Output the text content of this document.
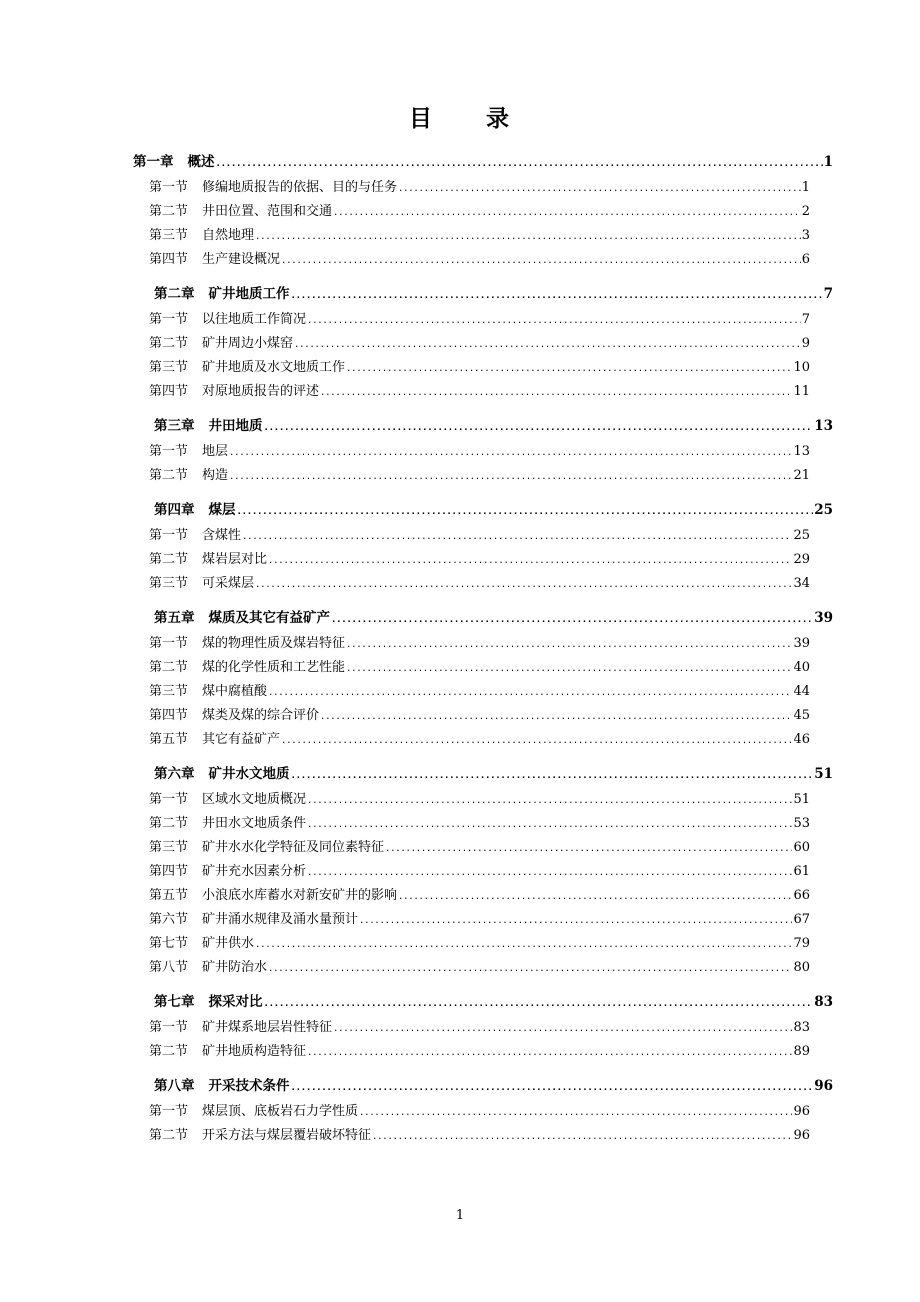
目 录
第一章 概述 .....	1
第一节 修编地质报告的依据、目的与任务 .....	1
第二节 井田位置、范围和交通 .....	2
第三节 自然地理 .....	3
第四节 生产建设概况 .....	6
第二章 矿井地质工作 .....	7
第一节 以往地质工作简况 .....	7
第二节 矿井周边小煤窑 .....	9
第三节 矿井地质及水文地质工作 .....	10
第四节 对原地质报告的评述 .....	11
第三章 井田地质 .....	13
第一节 地层 .....	13
第二节 构造 .....	21
第四章 煤层 .....	25
第一节 含煤性 .....	25
第二节 煤岩层对比 .....	29
第三节 可采煤层 .....	34
第五章 煤质及其它有益矿产 .....	39
第一节 煤的物理性质及煤岩特征 .....	39
第二节 煤的化学性质和工艺性能 .....	40
第三节 煤中腐植酸 .....	44
第四节 煤类及煤的综合评价 .....	45
第五节 其它有益矿产 .....	46
第六章 矿井水文地质 .....	51
第一节 区域水文地质概况 .....	51
第二节 井田水文地质条件 .....	53
第三节 矿井水水化学特征及同位素特征 .....	60
第四节 矿井充水因素分析 .....	61
第五节 小浪底水库蓄水对新安矿井的影响 .....	66
第六节 矿井涌水规律及涌水量预计 .....	67
第七节 矿井供水 .....	79
第八节 矿井防治水 .....	80
第七章 探采对比 .....	83
第一节 矿井煤系地层岩性特征 .....	83
第二节 矿井地质构造特征 .....	89
第八章 开采技术条件 .....	96
第一节 煤层顶、底板岩石力学性质 .....	96
第二节 开采方法与煤层覆岩破坏特征 .....	96
1
